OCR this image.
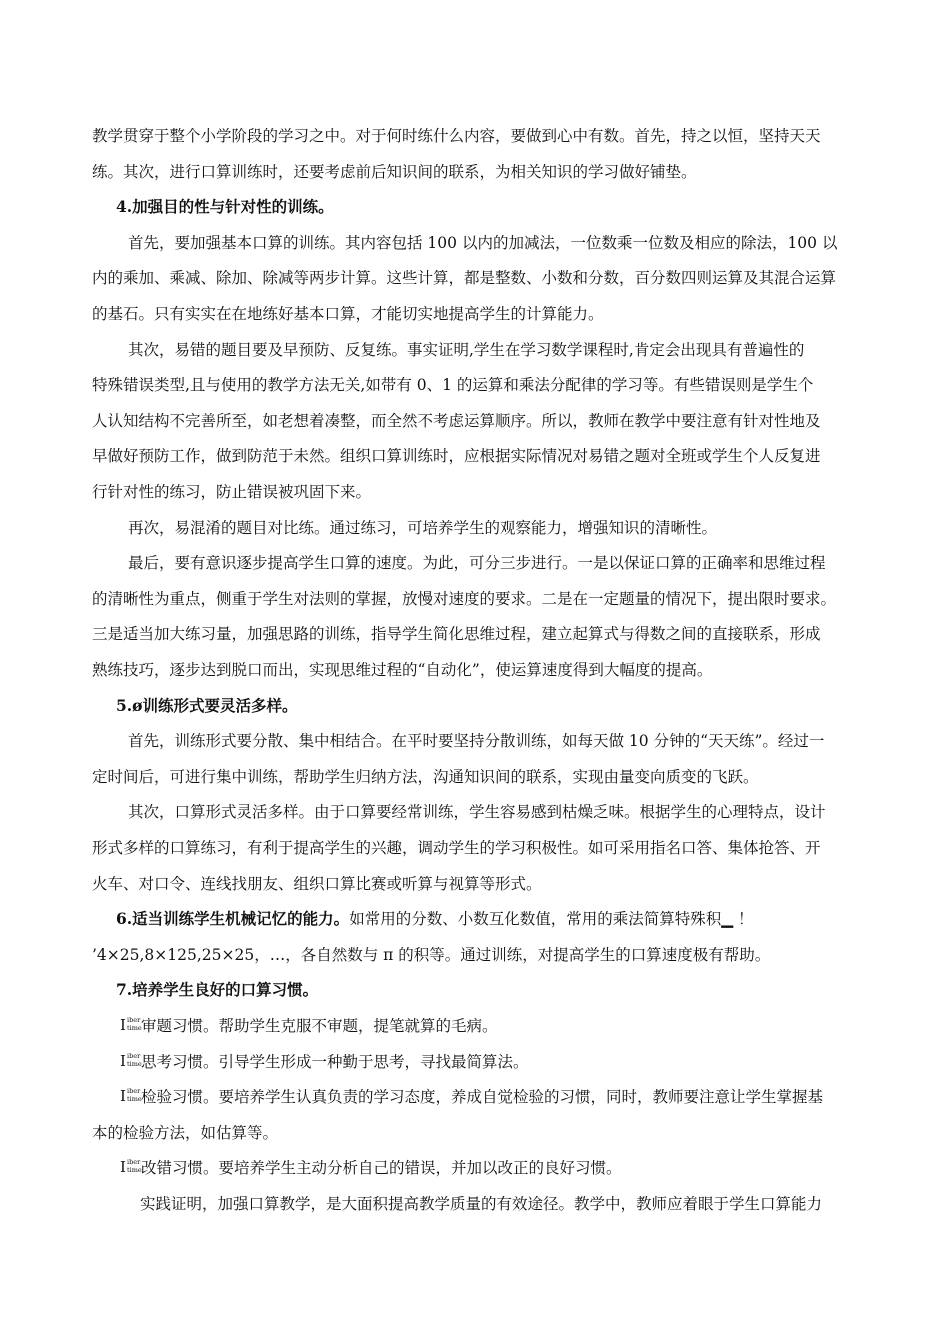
教学贯穿于整个小学阶段的学习之中。对于何时练什么内容，要做到心中有数。首先，持之以恒，坚持天天
练。其次，进行口算训练时，还要考虑前后知识间的联系，为相关知识的学习做好铺垫。
4.加强目的性与针对性的训练。
首先，要加强基本口算的训练。其内容包括 100 以内的加减法，一位数乘一位数及相应的除法，100 以
内的乘加、乘减、除加、除减等两步计算。这些计算，都是整数、小数和分数，百分数四则运算及其混合运算
的基石。只有实实在在地练好基本口算，才能切实地提高学生的计算能力。
其次，易错的题目要及早预防、反复练。事实证明,学生在学习数学课程时,肯定会出现具有普遍性的
特殊错误类型,且与使用的教学方法无关,如带有 0、1 的运算和乘法分配律的学习等。有些错误则是学生个
人认知结构不完善所至，如老想着凑整，而全然不考虑运算顺序。所以，教师在教学中要注意有针对性地及
早做好预防工作，做到防范于未然。组织口算训练时，应根据实际情况对易错之题对全班或学生个人反复进
行针对性的练习，防止错误被巩固下来。
再次，易混淆的题目对比练。通过练习，可培养学生的观察能力，增强知识的清晰性。
最后，要有意识逐步提高学生口算的速度。为此，可分三步进行。一是以保证口算的正确率和思维过程
的清晰性为重点，侧重于学生对法则的掌握，放慢对速度的要求。二是在一定题量的情况下，提出限时要求。
三是适当加大练习量，加强思路的训练，指导学生简化思维过程，建立起算式与得数之间的直接联系，形成
熟练技巧，逐步达到脱口而出，实现思维过程的“自动化”，使运算速度得到大幅度的提高。
5.ø训练形式要灵活多样。
首先，训练形式要分散、集中相结合。在平时要坚持分散训练，如每天做 10 分钟的“天天练”。经过一
定时间后，可进行集中训练，帮助学生归纳方法，沟通知识间的联系，实现由量变向质变的飞跃。
其次，口算形式灵活多样。由于口算要经常训练，学生容易感到枯燥乏味。根据学生的心理特点，设计
形式多样的口算练习，有利于提高学生的兴趣，调动学生的学习积极性。如可采用指名口答、集体抢答、开
火车、对口令、连线找朋友、组织口算比赛或听算与视算等形式。
6.适当训练学生机械记忆的能力。如常用的分数、小数互化数值，常用的乘法简算特殊积▁ ！
’4×25,8×125,25×25，…，各自然数与 π 的积等。通过训练，对提高学生的口算速度极有帮助。
7.培养学生良好的口算习惯。
I iber
time 审题习惯。帮助学生克服不审题，提笔就算的毛病。
I iber
time 思考习惯。引导学生形成一种勤于思考，寻找最简算法。
I iber
time 检验习惯。要培养学生认真负责的学习态度，养成自觉检验的习惯，同时，教师要注意让学生掌握基
本的检验方法，如估算等。
I iber
time 改错习惯。要培养学生主动分析自己的错误，并加以改正的良好习惯。
实践证明，加强口算教学，是大面积提高教学质量的有效途径。教学中，教师应着眼于学生口算能力
